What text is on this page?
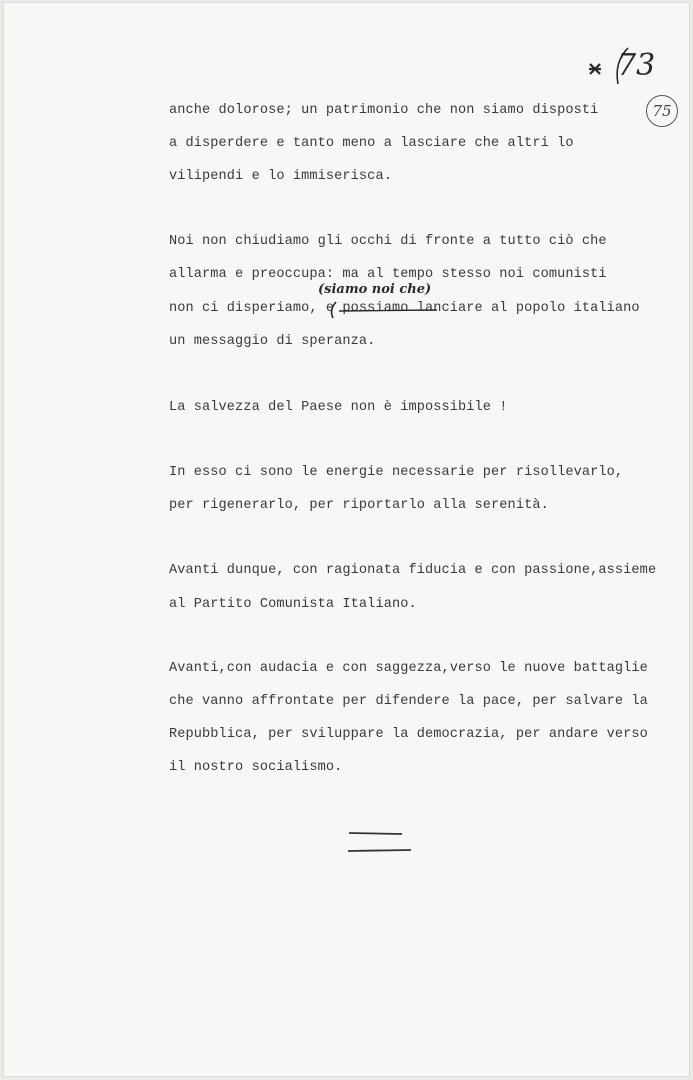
73
75
anche dolorose; un patrimonio che non siamo disposti
a disperdere e tanto meno a lasciare che altri lo
vilipendi e lo immiserisca.
Noi non chiudiamo gli occhi di fronte a tutto ciò che
allarma e preoccupa: ma al tempo stesso noi comunisti
(siamo noi che)
non ci disperiamo, e possiamo lanciare al popolo italiano
un messaggio di speranza.
La salvezza del Paese non è impossibile !
In esso ci sono le energie necessarie per risollevarlo,
per rigenerarlo, per riportarlo alla serenità.
Avanti dunque, con ragionata fiducia e con passione,assieme
al Partito Comunista Italiano.
Avanti,con audacia e con saggezza,verso le nuove battaglie
che vanno affrontate per difendere la pace, per salvare la
Repubblica, per sviluppare la democrazia, per andare verso
il nostro socialismo.
